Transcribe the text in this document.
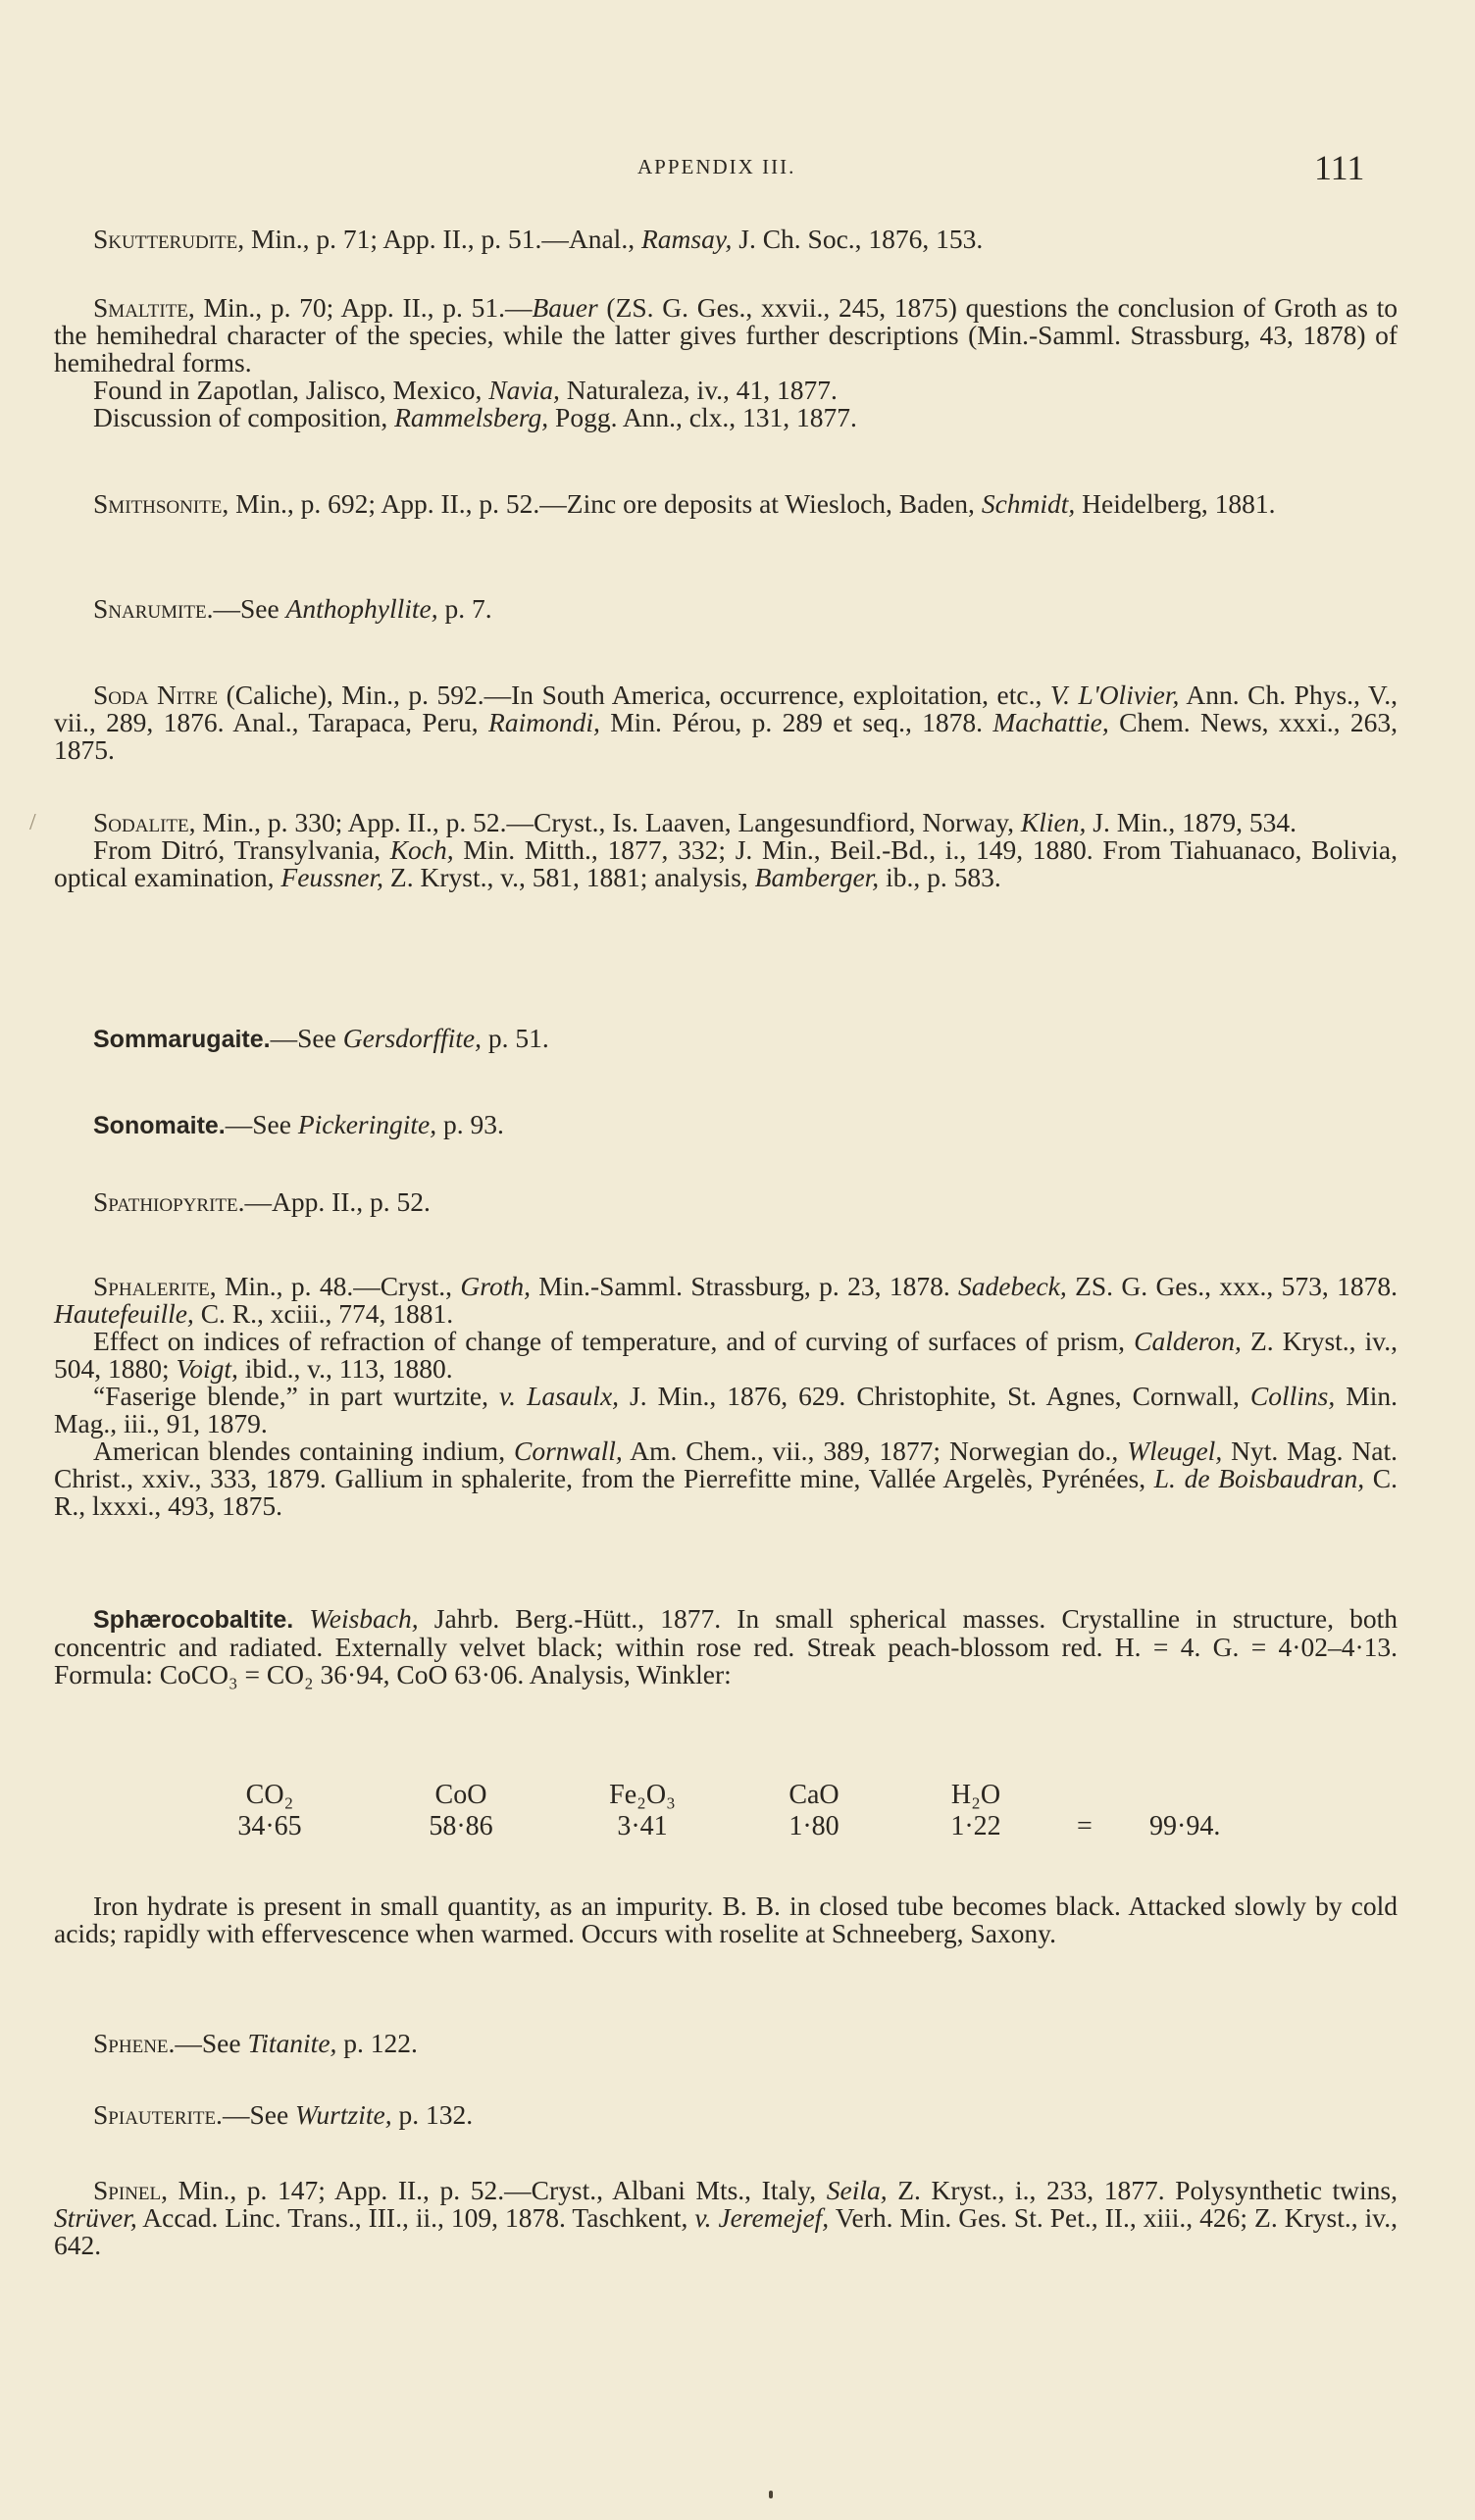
APPENDIX III.	111

Skutterudite, Min., p. 71; App. II., p. 51.—Anal., Ramsay, J. Ch. Soc., 1876, 153.

Smaltite, Min., p. 70; App. II., p. 51.—Bauer (ZS. G. Ges., xxvii., 245, 1875) questions the conclusion of Groth as to the hemihedral character of the species, while the latter gives further descriptions (Min.-Samml. Strassburg, 43, 1878) of hemihedral forms.

Found in Zapotlan, Jalisco, Mexico, Navia, Naturaleza, iv., 41, 1877.

Discussion of composition, Rammelsberg, Pogg. Ann., clx., 131, 1877.

Smithsonite, Min., p. 692; App. II., p. 52.—Zinc ore deposits at Wiesloch, Baden, Schmidt, Heidelberg, 1881.

Snarumite.—See Anthophyllite, p. 7.

Soda Nitre (Caliche), Min., p. 592.—In South America, occurrence, exploitation, etc., V. L'Olivier, Ann. Ch. Phys., V., vii., 289, 1876. Anal., Tarapaca, Peru, Raimondi, Min. Pérou, p. 289 et seq., 1878. Machattie, Chem. News, xxxi., 263, 1875.

Sodalite, Min., p. 330; App. II., p. 52.—Cryst., Is. Laaven, Langesundfiord, Norway, Klien, J. Min., 1879, 534.

From Ditró, Transylvania, Koch, Min. Mitth., 1877, 332; J. Min., Beil.-Bd., i., 149, 1880. From Tiahuanaco, Bolivia, optical examination, Feussner, Z. Kryst., v., 581, 1881; analysis, Bamberger, ib., p. 583.

Sommarugaite.—See Gersdorffite, p. 51.

Sonomaite.—See Pickeringite, p. 93.

Spathiopyrite.—App. II., p. 52.

Sphalerite, Min., p. 48.—Cryst., Groth, Min.-Samml. Strassburg, p. 23, 1878. Sadebeck, ZS. G. Ges., xxx., 573, 1878. Hautefeuille, C. R., xciii., 774, 1881.

Effect on indices of refraction of change of temperature, and of curving of surfaces of prism, Calderon, Z. Kryst., iv., 504, 1880; Voigt, ibid., v., 113, 1880.

“Faserige blende,” in part wurtzite, v. Lasaulx, J. Min., 1876, 629. Christophite, St. Agnes, Cornwall, Collins, Min. Mag., iii., 91, 1879.

American blendes containing indium, Cornwall, Am. Chem., vii., 389, 1877; Norwegian do., Wleugel, Nyt. Mag. Nat. Christ., xxiv., 333, 1879. Gallium in sphalerite, from the Pierrefitte mine, Vallée Argelès, Pyrénées, L. de Boisbaudran, C. R., lxxxi., 493, 1875.

Sphærocobaltite. Weisbach, Jahrb. Berg.-Hütt., 1877. In small spherical masses. Crystalline in structure, both concentric and radiated. Externally velvet black; within rose red. Streak peach-blossom red. H. = 4. G. = 4·02–4·13. Formula: CoCO₃ = CO₂ 36·94, CoO 63·06. Analysis, Winkler:

CO₂
34·65
CoO
58·86
Fe₂O₃
3·41
CaO
1·80
H₂O
1·22	= 99·94.

Iron hydrate is present in small quantity, as an impurity. B. B. in closed tube becomes black. Attacked slowly by cold acids; rapidly with effervescence when warmed. Occurs with roselite at Schneeberg, Saxony.

Sphene.—See Titanite, p. 122.

Spiauterite.—See Wurtzite, p. 132.

Spinel, Min., p. 147; App. II., p. 52.—Cryst., Albani Mts., Italy, Seila, Z. Kryst., i., 233, 1877. Polysynthetic twins, Strüver, Accad. Linc. Trans., III., ii., 109, 1878. Taschkent, v. Jeremejef, Verh. Min. Ges. St. Pet., II., xiii., 426; Z. Kryst., iv., 642.

/
